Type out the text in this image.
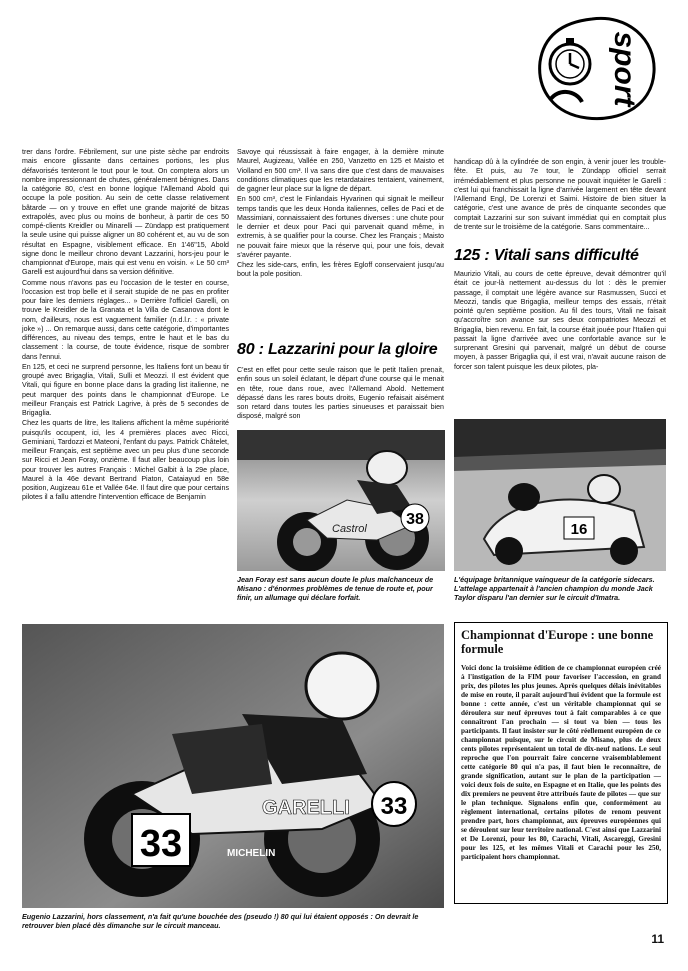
sport

trer dans l'ordre. Fébrilement, sur une piste sèche par endroits mais encore glissante dans certaines portions, les plus défavorisés tenteront le tout pour le tout. On comptera alors un nombre impressionnant de chutes, généralement bénignes. Dans la catégorie 80, c'est en bonne logique l'Allemand Abold qui occupe la pole position. Au sein de cette classe relativement bâtarde — on y trouve en effet une grande majorité de bitzas extrapolés, avec plus ou moins de bonheur, à partir de ces 50 compé-clients Kreidler ou Minarelli — Zündapp est pratiquement la seule usine qui puisse aligner un 80 cohérent et, au vu de son résultat en Espagne, visiblement efficace. En 1'46"15, Abold signe donc le meilleur chrono devant Lazzarini, hors-jeu pour le championnat d'Europe, mais qui est venu en voisin. « Le 50 cm³ Garelli est aujourd'hui dans sa version définitive.

Comme nous n'avons pas eu l'occasion de le tester en course, l'occasion est trop belle et il serait stupide de ne pas en profiter pour faire les derniers réglages... » Derrière l'officiel Garelli, on trouve le Kreidler de la Granata et la Villa de Casanova dont le nom, d'ailleurs, nous est vaguement familier (n.d.l.r. : « private joke ») ... On remarque aussi, dans cette catégorie, d'importantes différences, au niveau des temps, entre le haut et le bas du classement : la course, de toute évidence, risque de sombrer dans l'ennui.

En 125, et ceci ne surprend personne, les Italiens font un beau tir groupé avec Brigaglia, Vitali, Sulli et Meozzi. Il est évident que Vitali, qui figure en bonne place dans la grading list italienne, ne peut marquer des points dans le championnat d'Europe. Le meilleur Français est Patrick Lagrive, à près de 5 secondes de Brigaglia.

Chez les quarts de litre, les Italiens affichent la même supériorité puisqu'ils occupent, ici, les 4 premières places avec Ricci, Geminiani, Tardozzi et Mateoni, l'enfant du pays. Patrick Châtelet, meilleur Français, est septième avec un peu plus d'une seconde sur Ricci et Jean Foray, onzième. Il faut aller beaucoup plus loin pour trouver les autres Français : Michel Galbit à la 29e place, Maurel à la 46e devant Bertrand Piaton, Cataiayud en 58e position, Augizeau 61e et Vallée 64e. Il faut dire que pour certains pilotes il a fallu attendre l'intervention efficace de Benjamin

Savoye qui réussissait à faire engager, à la dernière minute Maurel, Augizeau, Vallée en 250, Vanzetto en 125 et Maisto et Violland en 500 cm³. Il va sans dire que c'est dans de mauvaises conditions climatiques que les retardataires tentaient, vainement, de gagner leur place sur la ligne de départ.

En 500 cm³, c'est le Finlandais Hyvarinen qui signait le meilleur temps tandis que les deux Honda italiennes, celles de Paci et de Massimiani, connaissaient des fortunes diverses : une chute pour le dernier et deux pour Paci qui parvenait quand même, in extremis, à se qualifier pour la course. Chez les Français ; Maisto ne pouvait faire mieux que la réserve qui, pour une fois, devait s'avérer payante.

Chez les side-cars, enfin, les frères Egloff conservaient jusqu'au bout la pole position.

80 : Lazzarini pour la gloire

C'est en effet pour cette seule raison que le petit Italien prenait, enfin sous un soleil éclatant, le départ d'une course qui le menait en tête, roue dans roue, avec l'Allemand Abold. Nettement dépassé dans les rares bouts droits, Eugenio refaisait aisément son retard dans toutes les parties sinueuses et paraissait bien disposé, malgré son

handicap dû à la cylindrée de son engin, à venir jouer les trouble-fête. Et puis, au 7e tour, le Zündapp officiel serrait irrémédiablement et plus personne ne pouvait inquiéter le Garelli : c'est lui qui franchissait la ligne d'arrivée largement en tête devant l'Allemand Engl, De Lorenzi et Saimi. Histoire de bien situer la catégorie, c'est une avance de près de cinquante secondes que comptait Lazzarini sur son suivant immédiat qui en comptait plus de trente sur le troisième de la catégorie. Sans commentaire...

125 : Vitali sans difficulté

Maurizio Vitali, au cours de cette épreuve, devait démontrer qu'il était ce jour-là nettement au-dessus du lot : dès le premier passage, il comptait une légère avance sur Rasmussen, Succi et Meozzi, tandis que Brigaglia, meilleur temps des essais, n'était pointé qu'en septième position. Au fil des tours, Vitali ne faisait qu'accroître son avance sur ses deux compatriotes Meozzi et Brigaglia, bien revenu. En fait, la course était jouée pour l'Italien qui passait la ligne d'arrivée avec une confortable avance sur le surprenant Gresini qui parvenait, malgré un début de course moyen, à passer Brigaglia qui, il est vrai, n'avait aucune raison de forcer son talent puisque les deux pilotes, pla-

38
Castrol
Jean Foray est sans aucun doute le plus malchanceux de Misano : d'énormes problèmes de tenue de route et, pour finir, un allumage qui déclare forfait.
16
L'équipage britannique vainqueur de la catégorie sidecars. L'attelage appartenait à l'ancien champion du monde Jack Taylor disparu l'an dernier sur le circuit d'Imatra.
33
33
GARELLI
MICHELIN
Eugenio Lazzarini, hors classement, n'a fait qu'une bouchée des (pseudo !) 80 qui lui étaient opposés : On devrait le retrouver bien placé dès dimanche sur le circuit manceau.
Championnat d'Europe : une bonne formule
Voici donc la troisième édition de ce championnat européen créé à l'instigation de la FIM pour favoriser l'accession, en grand prix, des pilotes les plus jeunes. Après quelques délais inévitables de mise en route, il paraît aujourd'hui évident que la formule est bonne : cette année, c'est un véritable championnat qui se déroulera sur neuf épreuves tout à fait comparables à ce que connaîtront l'an prochain — si tout va bien — tous les participants. Il faut insister sur le côté réellement européen de ce championnat puisque, sur le circuit de Misano, plus de deux cents pilotes représentaient un total de dix-neuf nations. Le seul reproche que l'on pourrait faire concerne vraisemblablement cette catégorie 80 qui n'a pas, il faut bien le reconnaître, de grande signification, autant sur le plan de la participation — voici deux fois de suite, en Espagne et en Italie, que les points des dix premiers ne peuvent être attribués faute de pilotes — que sur le plan technique. Signalons enfin que, conformément au règlement international, certains pilotes de renom peuvent prendre part, hors championnat, aux épreuves européennes qui se déroulent sur leur territoire national. C'est ainsi que Lazzarini et De Lorenzi, pour les 80, Carachi, Vitali, Ascareggi, Gresini pour les 125, et les mêmes Vitali et Carachi pour les 250, participaient hors championnat.
11
